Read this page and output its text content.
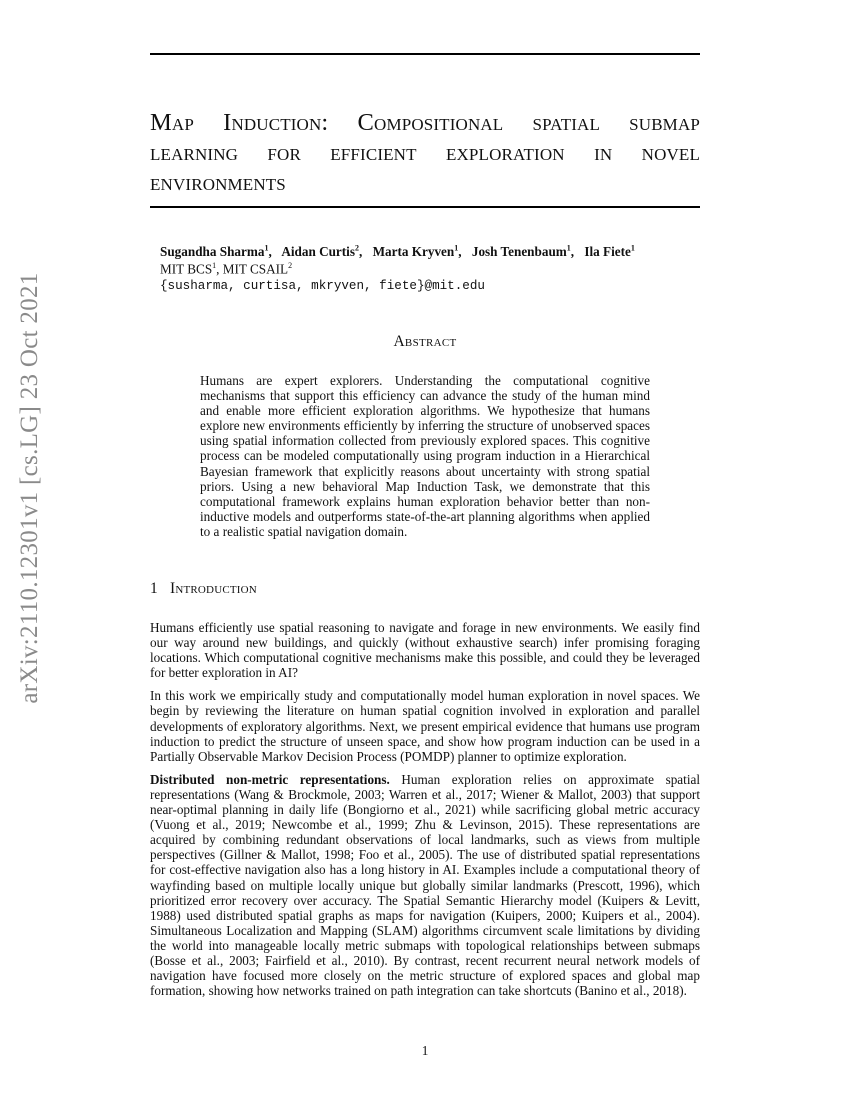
Map Induction: Compositional spatial submap learning for efficient exploration in novel environments
arXiv:2110.12301v1 [cs.LG] 23 Oct 2021
Sugandha Sharma$^1$, Aidan Curtis$^2$, Marta Kryven$^1$, Josh Tenenbaum$^1$, Ila Fiete$^1$
MIT BCS$^1$, MIT CSAIL$^2$
{susharma, curtisa, mkryven, fiete}@mit.edu
Abstract
Humans are expert explorers. Understanding the computational cognitive mechanisms that support this efficiency can advance the study of the human mind and enable more efficient exploration algorithms. We hypothesize that humans explore new environments efficiently by inferring the structure of unobserved spaces using spatial information collected from previously explored spaces. This cognitive process can be modeled computationally using program induction in a Hierarchical Bayesian framework that explicitly reasons about uncertainty with strong spatial priors. Using a new behavioral Map Induction Task, we demonstrate that this computational framework explains human exploration behavior better than non-inductive models and outperforms state-of-the-art planning algorithms when applied to a realistic spatial navigation domain.
1 Introduction

Humans efficiently use spatial reasoning to navigate and forage in new environments. We easily find our way around new buildings, and quickly (without exhaustive search) infer promising foraging locations. Which computational cognitive mechanisms make this possible, and could they be leveraged for better exploration in AI?

In this work we empirically study and computationally model human exploration in novel spaces. We begin by reviewing the literature on human spatial cognition involved in exploration and parallel developments of exploratory algorithms. Next, we present empirical evidence that humans use program induction to predict the structure of unseen space, and show how program induction can be used in a Partially Observable Markov Decision Process (POMDP) planner to optimize exploration.

Distributed non-metric representations. Human exploration relies on approximate spatial representations (Wang & Brockmole, 2003; Warren et al., 2017; Wiener & Mallot, 2003) that support near-optimal planning in daily life (Bongiorno et al., 2021) while sacrificing global metric accuracy (Vuong et al., 2019; Newcombe et al., 1999; Zhu & Levinson, 2015). These representations are acquired by combining redundant observations of local landmarks, such as views from multiple perspectives (Gillner & Mallot, 1998; Foo et al., 2005). The use of distributed spatial representations for cost-effective navigation also has a long history in AI. Examples include a computational theory of wayfinding based on multiple locally unique but globally similar landmarks (Prescott, 1996), which prioritized error recovery over accuracy. The Spatial Semantic Hierarchy model (Kuipers & Levitt, 1988) used distributed spatial graphs as maps for navigation (Kuipers, 2000; Kuipers et al., 2004). Simultaneous Localization and Mapping (SLAM) algorithms circumvent scale limitations by dividing the world into manageable locally metric submaps with topological relationships between submaps (Bosse et al., 2003; Fairfield et al., 2010). By contrast, recent recurrent neural network models of navigation have focused more closely on the metric structure of explored spaces and global map formation, showing how networks trained on path integration can take shortcuts (Banino et al., 2018).

1
